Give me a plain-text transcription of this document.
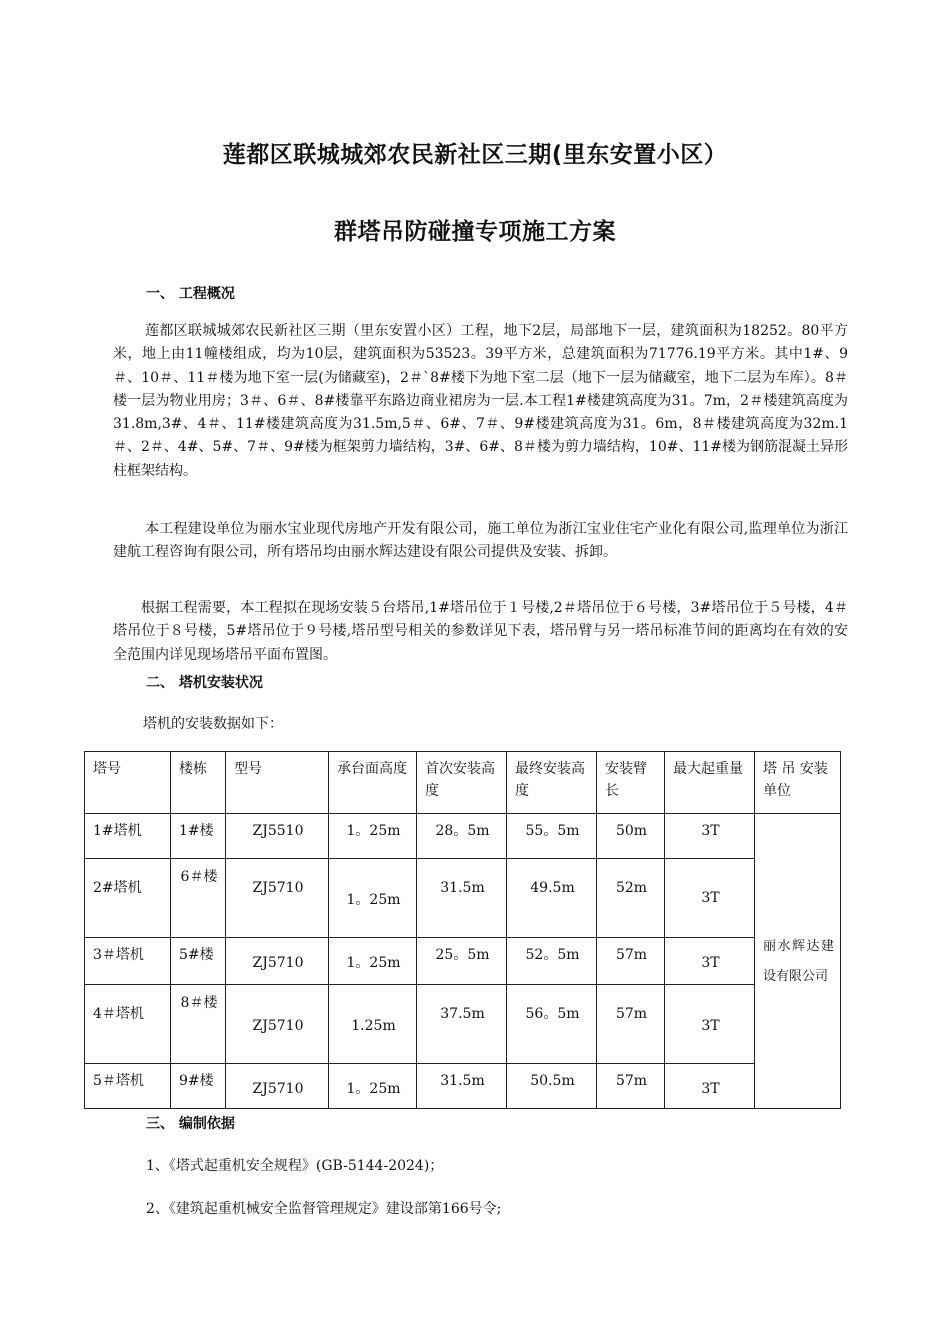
莲都区联城城郊农民新社区三期(里东安置小区）
群塔吊防碰撞专项施工方案
一、 工程概况
莲都区联城城郊农民新社区三期（里东安置小区）工程，地下2层，局部地下一层，建筑面积为18252。80平方米，地上由11幢楼组成，均为10层，建筑面积为53523。39平方米，总建筑面积为71776.19平方米。其中1#、9＃、10＃、11＃楼为地下室一层(为储藏室)，2＃`8#楼下为地下室二层（地下一层为储藏室，地下二层为车库）。8＃楼一层为物业用房；3＃、6＃、8#楼靠平东路边商业裙房为一层.本工程1#楼建筑高度为31。7m，2＃楼建筑高度为31.8m,3#、4＃、11#楼建筑高度为31.5m,5＃、6#、7＃、9#楼建筑高度为31。6m，8＃楼建筑高度为32m.1＃、2＃、4#、5#、7＃、9#楼为框架剪力墙结构，3#、6#、8＃楼为剪力墙结构，10#、11#楼为钢筋混凝土异形柱框架结构。
本工程建设单位为丽水宝业现代房地产开发有限公司，施工单位为浙江宝业住宅产业化有限公司,监理单位为浙江建航工程咨询有限公司，所有塔吊均由丽水辉达建设有限公司提供及安装、拆卸。
根据工程需要，本工程拟在现场安装５台塔吊,1#塔吊位于１号楼,2＃塔吊位于６号楼，3#塔吊位于５号楼，4＃塔吊位于８号楼，5#塔吊位于９号楼,塔吊型号相关的参数详见下表，塔吊臂与另一塔吊标准节间的距离均在有效的安全范围内详见现场塔吊平面布置图。
二、 塔机安装状况
塔机的安装数据如下：
塔号	楼栋	型号	承台面高度	首次安装高度	最终安装高度	安装臂长	最大起重量	塔 吊 安装单位
1#塔机	1#楼	ZJ5510	1。25m	28。5m	55。5m	50m	3T	丽水辉达建设有限公司
2#塔机	6＃楼	ZJ5710	1。25m	31.5m	49.5m	52m	3T	
3＃塔机	5#楼	ZJ5710	1。25m	25。5m	52。5m	57m	3T	
4＃塔机	8＃楼	ZJ5710	1.25m	37.5m	56。5m	57m	3T	
5＃塔机	9#楼	ZJ5710	1。25m	31.5m	50.5m	57m	3T	
三、 编制依据
1、《塔式起重机安全规程》(GB-5144-2024)；
2、《建筑起重机械安全监督管理规定》建设部第166号令;
